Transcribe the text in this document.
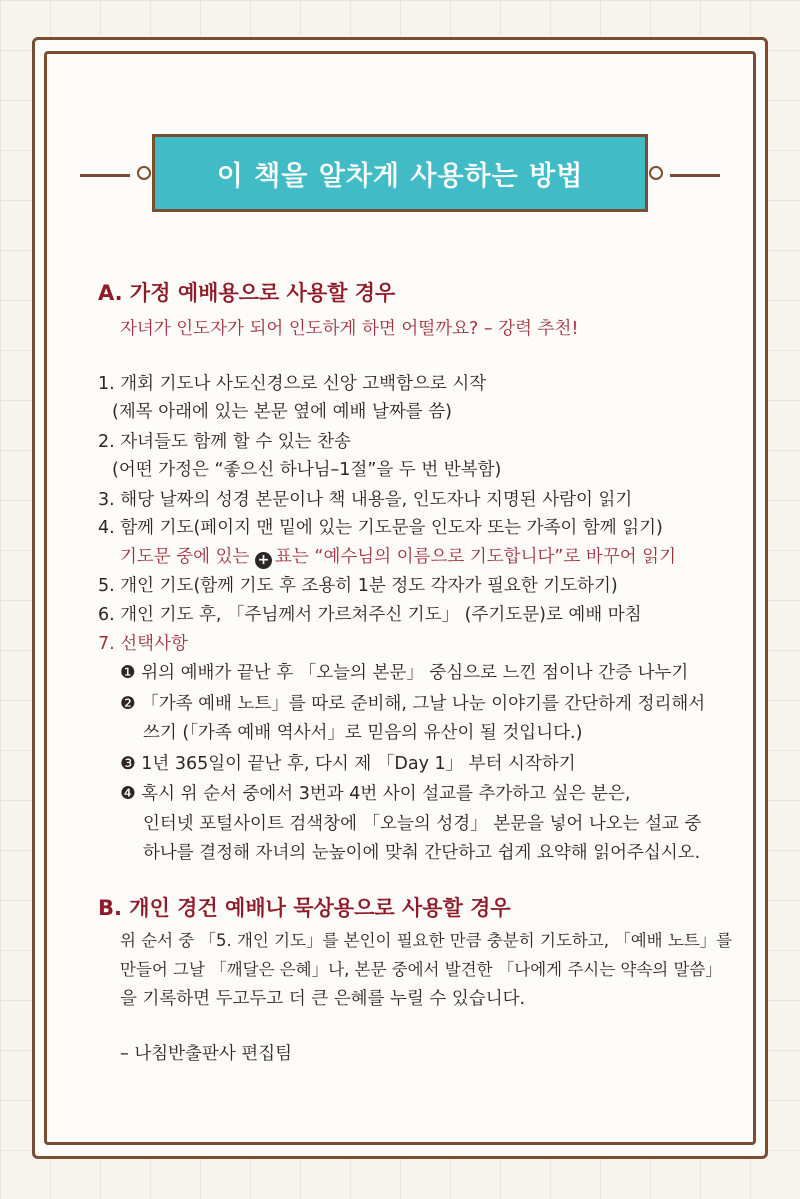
이 책을 알차게 사용하는 방법
A. 가정 예배용으로 사용할 경우
자녀가 인도자가 되어 인도하게 하면 어떨까요? – 강력 추천!
1. 개회 기도나 사도신경으로 신앙 고백함으로 시작
(제목 아래에 있는 본문 옆에 예배 날짜를 씀)
2. 자녀들도 함께 할 수 있는 찬송
(어떤 가정은 “좋으신 하나님–1절”을 두 번 반복함)
3. 해당 날짜의 성경 본문이나 책 내용을, 인도자나 지명된 사람이 읽기
4. 함께 기도(페이지 맨 밑에 있는 기도문을 인도자 또는 가족이 함께 읽기)
기도문 중에 있는 + 표는 “예수님의 이름으로 기도합니다”로 바꾸어 읽기
5. 개인 기도(함께 기도 후 조용히 1분 정도 각자가 필요한 기도하기)
6. 개인 기도 후, 「주님께서 가르쳐주신 기도」 (주기도문)로 예배 마침
7. 선택사항
❶ 위의 예배가 끝난 후 「오늘의 본문」 중심으로 느낀 점이나 간증 나누기
❷ 「가족 예배 노트」를 따로 준비해, 그날 나눈 이야기를 간단하게 정리해서
쓰기 (「가족 예배 역사서」로 믿음의 유산이 될 것입니다.)
❸ 1년 365일이 끝난 후, 다시 제 「Day 1」 부터 시작하기
❹ 혹시 위 순서 중에서 3번과 4번 사이 설교를 추가하고 싶은 분은,
인터넷 포털사이트 검색창에 「오늘의 성경」 본문을 넣어 나오는 설교 중
하나를 결정해 자녀의 눈높이에 맞춰 간단하고 쉽게 요약해 읽어주십시오.
B. 개인 경건 예배나 묵상용으로 사용할 경우
위 순서 중 「5. 개인 기도」를 본인이 필요한 만큼 충분히 기도하고, 「예배 노트」를
만들어 그날 「깨달은 은혜」나, 본문 중에서 발견한 「나에게 주시는 약속의 말씀」
을 기록하면 두고두고 더 큰 은혜를 누릴 수 있습니다.
– 나침반출판사 편집팀
